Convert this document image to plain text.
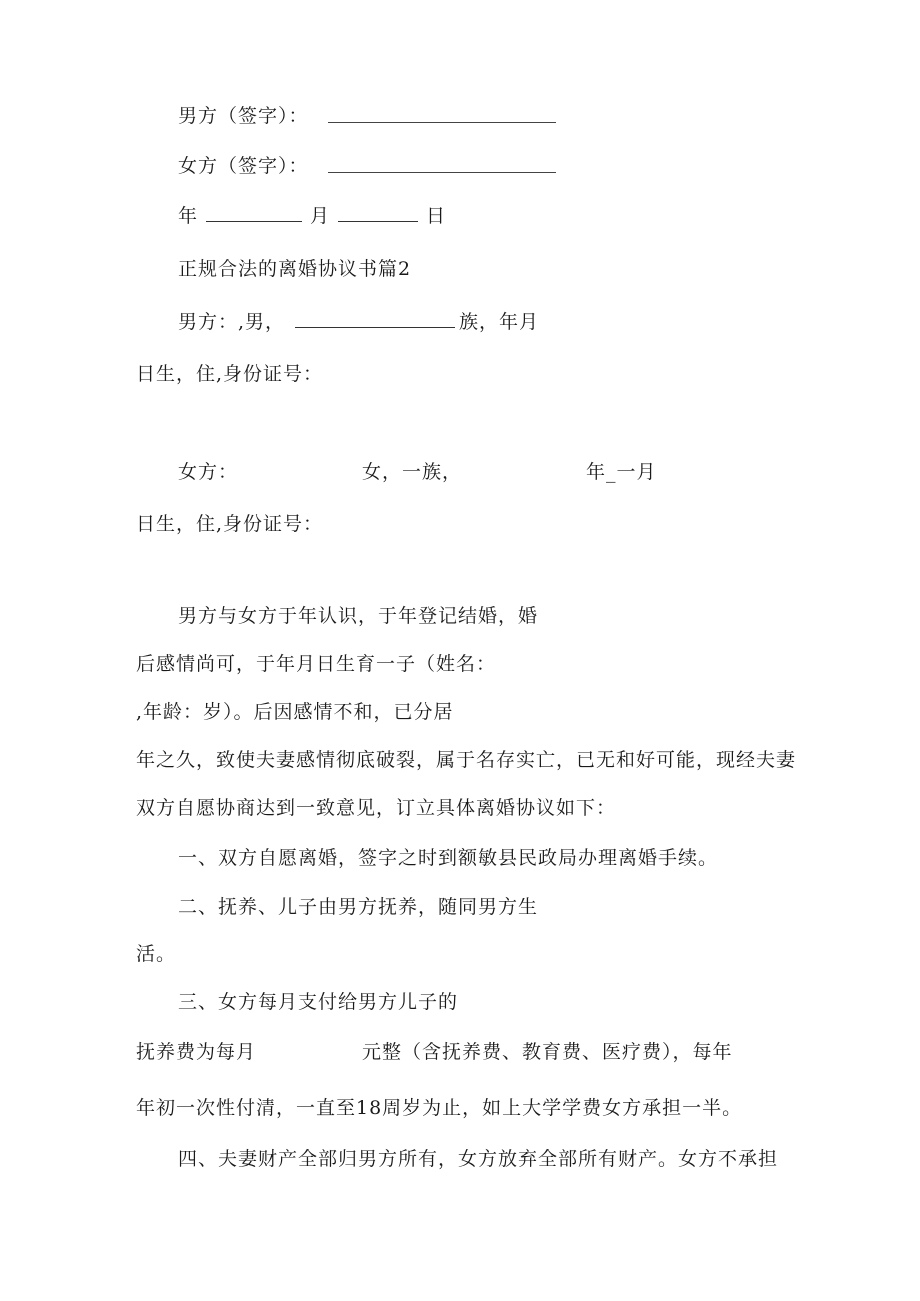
男方（签字）：
女方（签字）：
年	月	日
正规合法的离婚协议书篇2
男方：,男，	族，年月
日生，住,身份证号：
女方：	女，一族，	年_一月
日生，住,身份证号：
男方与女方于年认识，于年登记结婚，婚
后感情尚可，于年月日生育一子（姓名：
,年龄：岁）。后因感情不和，已分居
年之久，致使夫妻感情彻底破裂，属于名存实亡，已无和好可能，现经夫妻
双方自愿协商达到一致意见，订立具体离婚协议如下：
一、双方自愿离婚，签字之时到额敏县民政局办理离婚手续。
二、抚养、儿子由男方抚养，随同男方生
活。
三、女方每月支付给男方儿子的
抚养费为每月	元整（含抚养费、教育费、医疗费），每年
年初一次性付清，一直至18周岁为止，如上大学学费女方承担一半。
四、夫妻财产全部归男方所有，女方放弃全部所有财产。女方不承担
